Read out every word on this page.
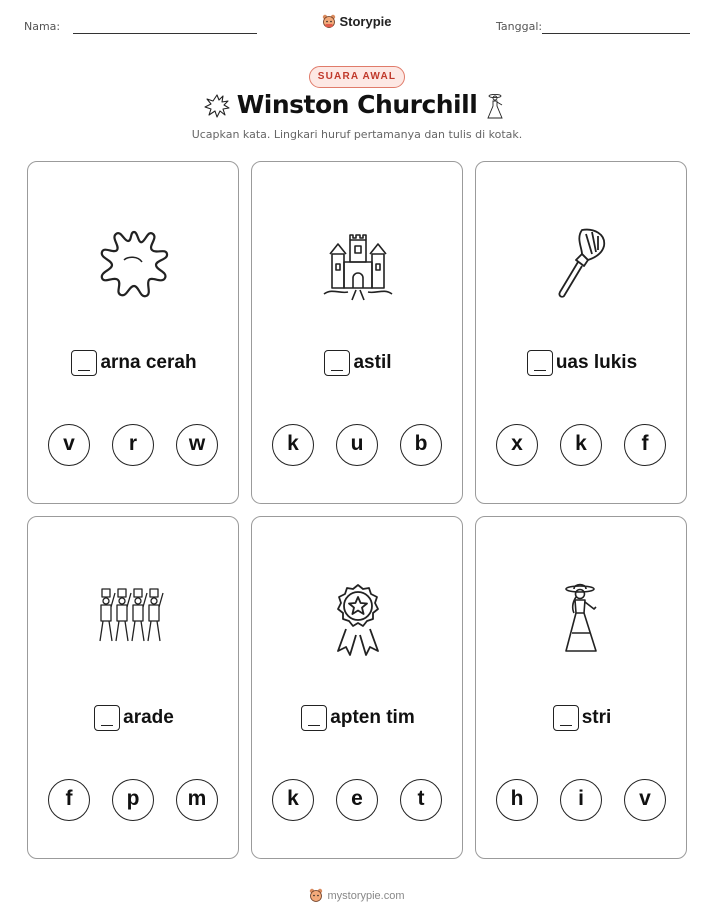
Nama:	Storypie	Tanggal:
SUARA AWAL
Winston Churchill
Ucapkan kata. Lingkari huruf pertamanya dan tulis di kotak.
arna cerah
v	r	w
astil
k	u	b
uas lukis
x	k	f
arade
f	p	m
apten tim
k	e	t
stri
h	i	v
mystorypie.com
